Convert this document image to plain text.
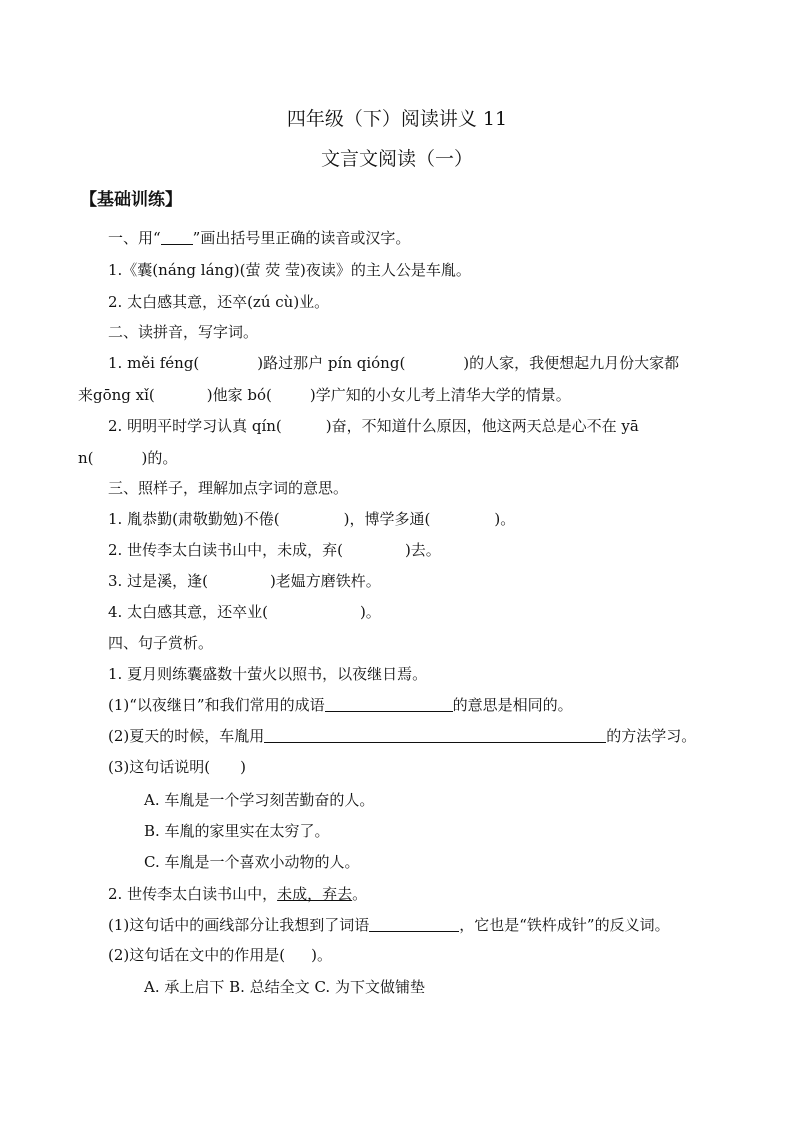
四年级（下）阅读讲义 11
文言文阅读（一）
【基础训练】
一、用“ ”画出括号里正确的读音或汉字。
1.《囊(náng láng)(萤 荧 莹)夜读》的主人公是车胤。
2. 太白感其意，还卒(zú cù)业。
二、读拼音，写字词。
1. měi féng(	)路过那户 pín qióng(	)的人家，我便想起九月份大家都
来gōng xǐ(	)他家 bó(	)学广知的小女儿考上清华大学的情景。
2. 明明平时学习认真 qín(	)奋，不知道什么原因，他这两天总是心不在 yā
n(	)的。
三、照样子，理解加点字词的意思。
1. 胤恭勤(肃敬勤勉)不倦(	)，博学多通(	)。
2. 世传李太白读书山中，未成，弃(	)去。
3. 过是溪，逢(	)老媪方磨铁杵。
4. 太白感其意，还卒业(	)。
四、句子赏析。
1. 夏月则练囊盛数十萤火以照书，以夜继日焉。
(1)“以夜继日”和我们常用的成语	的意思是相同的。
(2)夏天的时候，车胤用	的方法学习。
(3)这句话说明( )
A. 车胤是一个学习刻苦勤奋的人。
B. 车胤的家里实在太穷了。
C. 车胤是一个喜欢小动物的人。
2. 世传李太白读书山中，未成，弃去。
(1)这句话中的画线部分让我想到了词语	，它也是“铁杵成针”的反义词。
(2)这句话在文中的作用是( )。
A. 承上启下 B. 总结全文 C. 为下文做铺垫
